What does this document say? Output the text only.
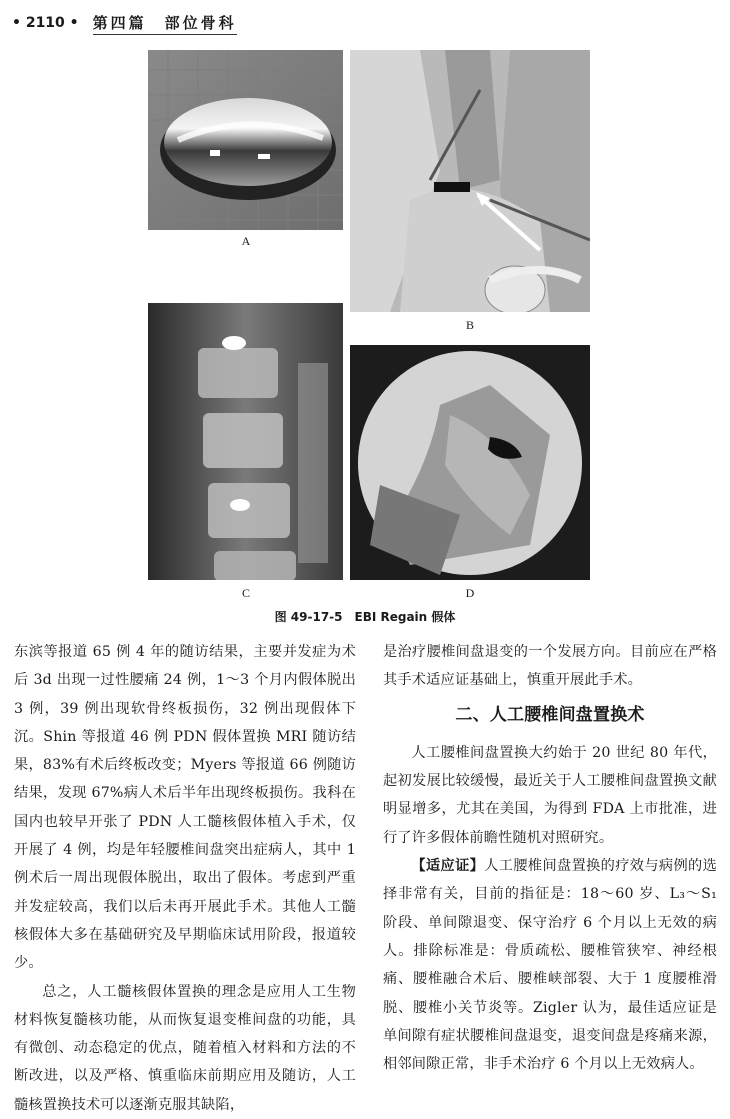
• 2110 • 第四篇　部位骨科
A
B
C	D
图 49-17-5　EBI Regain 假体

东滨等报道 65 例 4 年的随访结果，主要并发症为术后 3d 出现一过性腰痛 24 例，1～3 个月内假体脱出 3 例，39 例出现软骨终板损伤，32 例出现假体下沉。Shin 等报道 46 例 PDN 假体置换 MRI 随访结果，83%有术后终板改变；Myers 等报道 66 例随访结果，发现 67%病人术后半年出现终板损伤。我科在国内也较早开张了 PDN 人工髓核假体植入手术，仅开展了 4 例，均是年轻腰椎间盘突出症病人，其中 1 例术后一周出现假体脱出，取出了假体。考虑到严重并发症较高，我们以后未再开展此手术。其他人工髓核假体大多在基础研究及早期临床试用阶段，报道较少。

总之，人工髓核假体置换的理念是应用人工生物材料恢复髓核功能，从而恢复退变椎间盘的功能，具有微创、动态稳定的优点，随着植入材料和方法的不断改进，以及严格、慎重临床前期应用及随访，人工髓核置换技术可以逐渐克服其缺陷，

是治疗腰椎间盘退变的一个发展方向。目前应在严格其手术适应证基础上，慎重开展此手术。

二、人工腰椎间盘置换术

人工腰椎间盘置换大约始于 20 世纪 80 年代，起初发展比较缓慢，最近关于人工腰椎间盘置换文献明显增多，尤其在美国，为得到 FDA 上市批准，进行了许多假体前瞻性随机对照研究。

【适应证】人工腰椎间盘置换的疗效与病例的选择非常有关，目前的指征是：18～60 岁、L₃～S₁ 阶段、单间隙退变、保守治疗 6 个月以上无效的病人。排除标准是：骨质疏松、腰椎管狭窄、神经根痛、腰椎融合术后、腰椎峡部裂、大于 1 度腰椎滑脱、腰椎小关节炎等。Zigler 认为，最佳适应证是单间隙有症状腰椎间盘退变，退变间盘是疼痛来源，相邻间隙正常，非手术治疗 6 个月以上无效病人。
